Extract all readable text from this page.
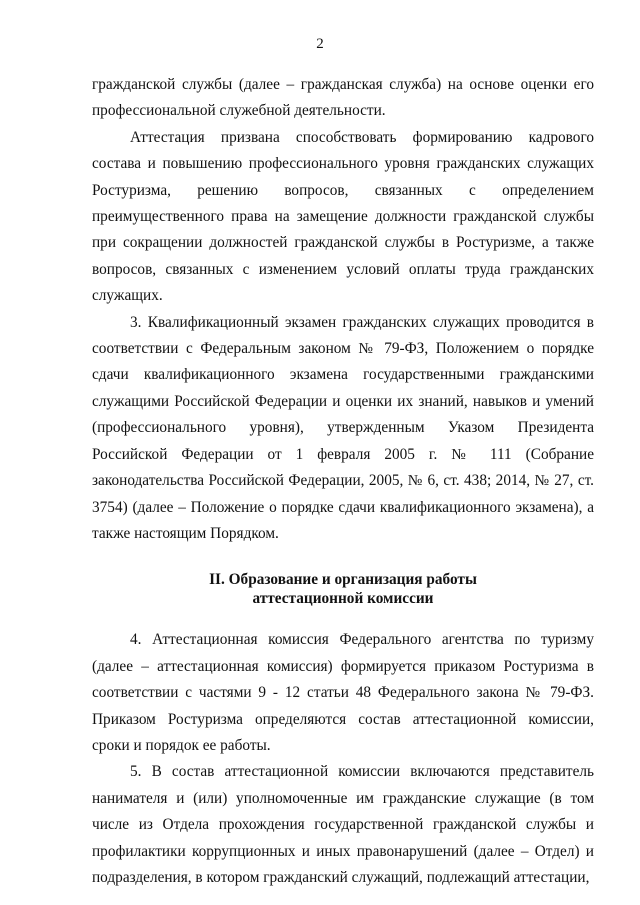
2

гражданской службы (далее – гражданская служба) на основе оценки его профессиональной служебной деятельности.

Аттестация призвана способствовать формированию кадрового состава и повышению профессионального уровня гражданских служащих Ростуризма, решению вопросов, связанных с определением преимущественного права на замещение должности гражданской службы при сокращении должностей гражданской службы в Ростуризме, а также вопросов, связанных с изменением условий оплаты труда гражданских служащих.

3. Квалификационный экзамен гражданских служащих проводится в соответствии с Федеральным законом № 79-ФЗ, Положением о порядке сдачи квалификационного экзамена государственными гражданскими служащими Российской Федерации и оценки их знаний, навыков и умений (профессионального уровня), утвержденным Указом Президента Российской Федерации от 1 февраля 2005 г. № 111 (Собрание законодательства Российской Федерации, 2005, № 6, ст. 438; 2014, № 27, ст. 3754) (далее – Положение о порядке сдачи квалификационного экзамена), а также настоящим Порядком.

II. Образование и организация работы
аттестационной комиссии

4. Аттестационная комиссия Федерального агентства по туризму (далее – аттестационная комиссия) формируется приказом Ростуризма в соответствии с частями 9 - 12 статьи 48 Федерального закона № 79-ФЗ. Приказом Ростуризма определяются состав аттестационной комиссии, сроки и порядок ее работы.

5. В состав аттестационной комиссии включаются представитель нанимателя и (или) уполномоченные им гражданские служащие (в том числе из Отдела прохождения государственной гражданской службы и профилактики коррупционных и иных правонарушений (далее – Отдел) и подразделения, в котором гражданский служащий, подлежащий аттестации,
